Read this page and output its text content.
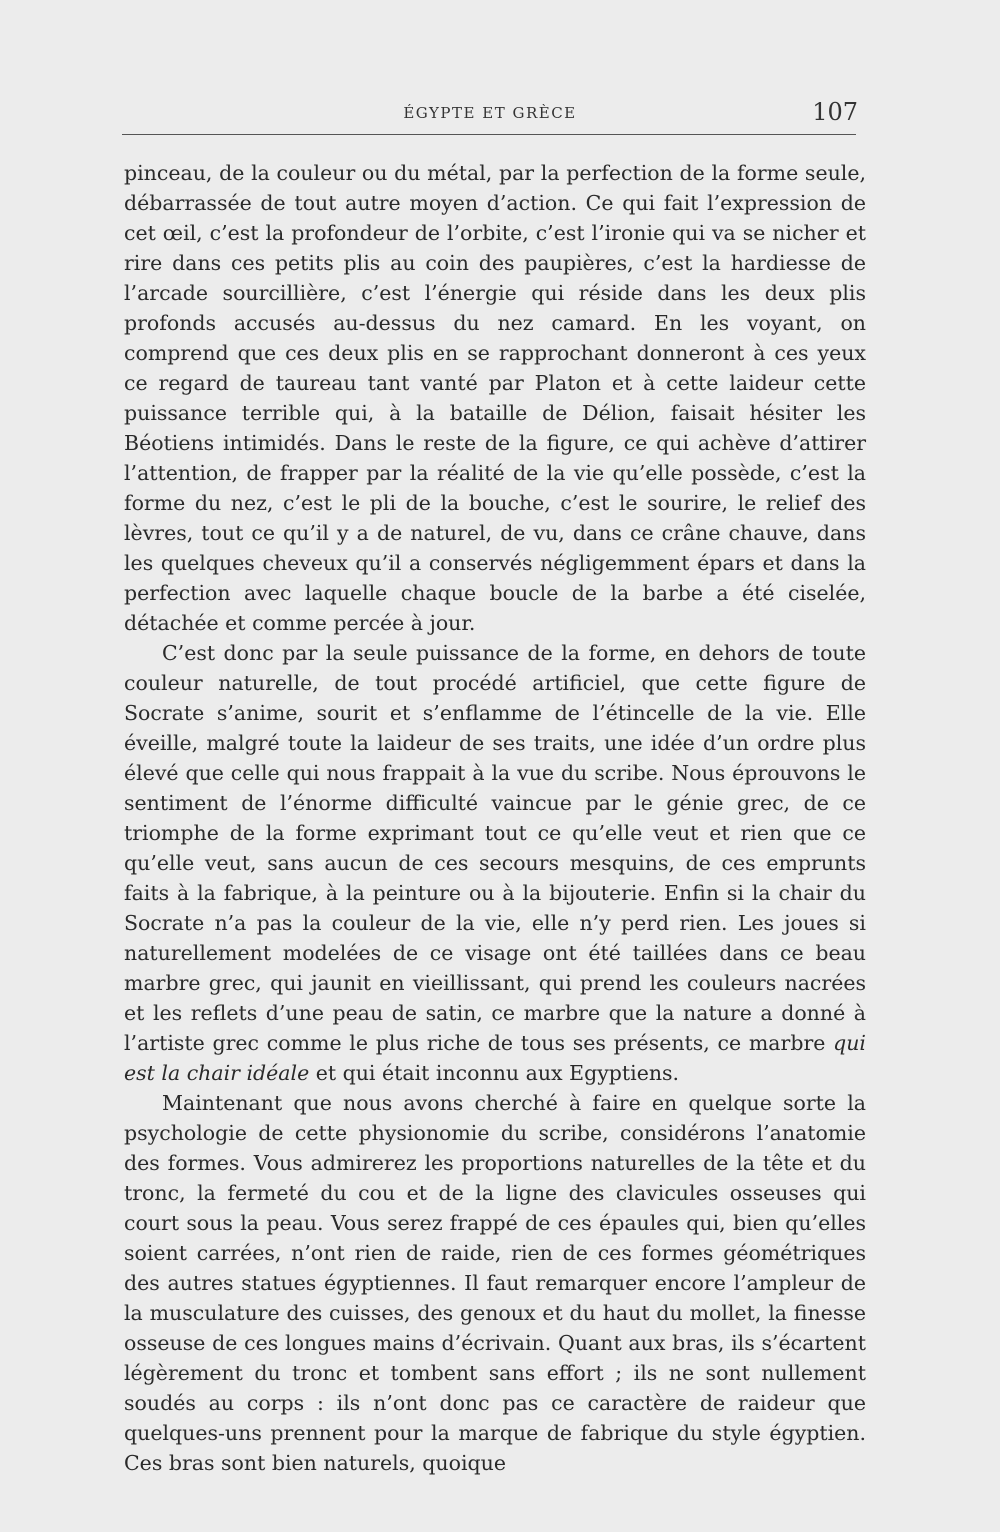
ÉGYPTE ET GRÈCE	107

pinceau, de la couleur ou du métal, par la perfection de la forme seule, débarrassée de tout autre moyen d’action. Ce qui fait l’expression de cet œil, c’est la profondeur de l’orbite, c’est l’ironie qui va se nicher et rire dans ces petits plis au coin des paupières, c’est la hardiesse de l’arcade sourcillière, c’est l’énergie qui réside dans les deux plis profonds accusés au-dessus du nez camard. En les voyant, on comprend que ces deux plis en se rapprochant donneront à ces yeux ce regard de taureau tant vanté par Platon et à cette laideur cette puissance terrible qui, à la bataille de Délion, faisait hésiter les Béotiens intimidés. Dans le reste de la figure, ce qui achève d’attirer l’attention, de frapper par la réalité de la vie qu’elle possède, c’est la forme du nez, c’est le pli de la bouche, c’est le sourire, le relief des lèvres, tout ce qu’il y a de naturel, de vu, dans ce crâne chauve, dans les quelques cheveux qu’il a conservés négligemment épars et dans la perfection avec laquelle chaque boucle de la barbe a été ciselée, détachée et comme percée à jour.

C’est donc par la seule puissance de la forme, en dehors de toute couleur naturelle, de tout procédé artificiel, que cette figure de Socrate s’anime, sourit et s’enflamme de l’étincelle de la vie. Elle éveille, malgré toute la laideur de ses traits, une idée d’un ordre plus élevé que celle qui nous frappait à la vue du scribe. Nous éprouvons le sentiment de l’énorme difficulté vaincue par le génie grec, de ce triomphe de la forme exprimant tout ce qu’elle veut et rien que ce qu’elle veut, sans aucun de ces secours mesquins, de ces emprunts faits à la fabrique, à la peinture ou à la bijouterie. Enfin si la chair du Socrate n’a pas la couleur de la vie, elle n’y perd rien. Les joues si naturellement modelées de ce visage ont été taillées dans ce beau marbre grec, qui jaunit en vieillissant, qui prend les couleurs nacrées et les reflets d’une peau de satin, ce marbre que la nature a donné à l’artiste grec comme le plus riche de tous ses présents, ce marbre qui est la chair idéale et qui était inconnu aux Egyptiens.

Maintenant que nous avons cherché à faire en quelque sorte la psychologie de cette physionomie du scribe, considérons l’anatomie des formes. Vous admirerez les proportions naturelles de la tête et du tronc, la fermeté du cou et de la ligne des clavicules osseuses qui court sous la peau. Vous serez frappé de ces épaules qui, bien qu’elles soient carrées, n’ont rien de raide, rien de ces formes géométriques des autres statues égyptiennes. Il faut remarquer encore l’ampleur de la musculature des cuisses, des genoux et du haut du mollet, la finesse osseuse de ces longues mains d’écrivain. Quant aux bras, ils s’écartent légèrement du tronc et tombent sans effort ; ils ne sont nullement soudés au corps : ils n’ont donc pas ce caractère de raideur que quelques-uns prennent pour la marque de fabrique du style égyptien. Ces bras sont bien naturels, quoique
